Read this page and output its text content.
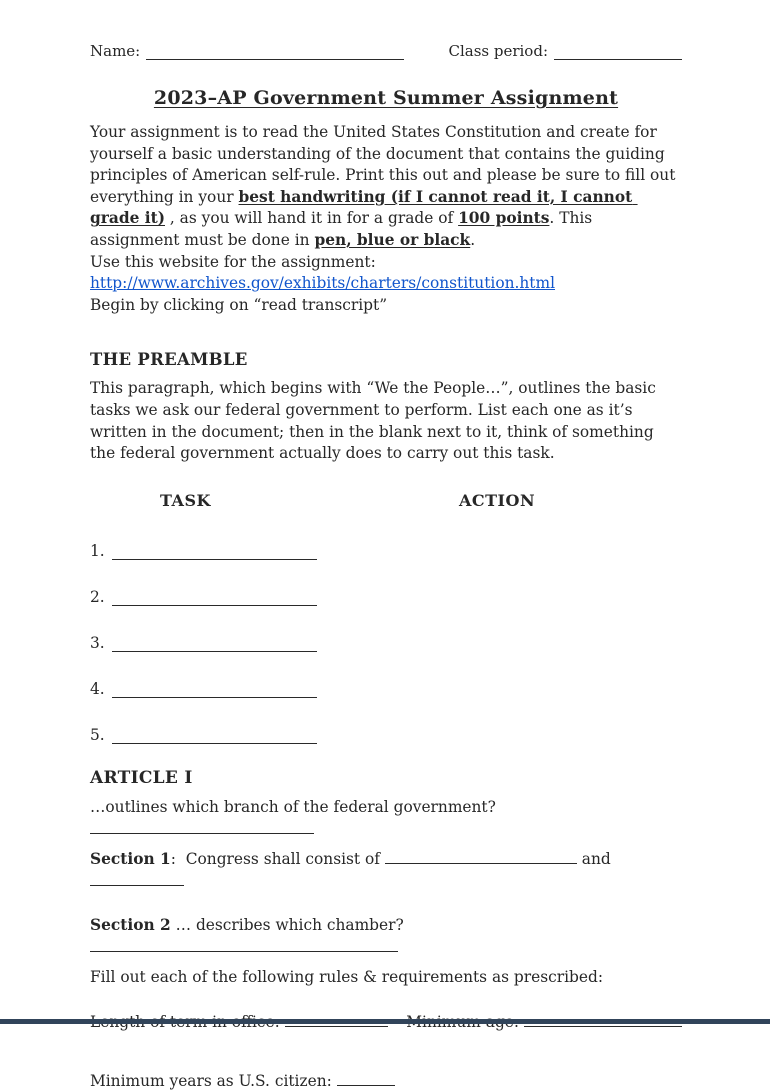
Name:	Class period:
2023–AP Government Summer Assignment
Your assignment is to read the United States Constitution and create for yourself a basic understanding of the document that contains the guiding principles of American self-rule. Print this out and please be sure to fill out everything in your best handwriting (if I cannot read it, I cannot grade it) , as you will hand it in for a grade of 100 points. This assignment must be done in pen, blue or black.
Use this website for the assignment:
http://www.archives.gov/exhibits/charters/constitution.html
Begin by clicking on “read transcript”
THE PREAMBLE
This paragraph, which begins with “We the People…”, outlines the basic tasks we ask our federal government to perform. List each one as it’s written in the document; then in the blank next to it, think of something the federal government actually does to carry out this task.
TASK	ACTION
1.
2.
3.
4.
5.
ARTICLE I
…outlines which branch of the federal government?
Section 1:  Congress shall consist of	and
Section 2 … describes which chamber?
Fill out each of the following rules & requirements as prescribed:
Minimum years as U.S. citizen:
